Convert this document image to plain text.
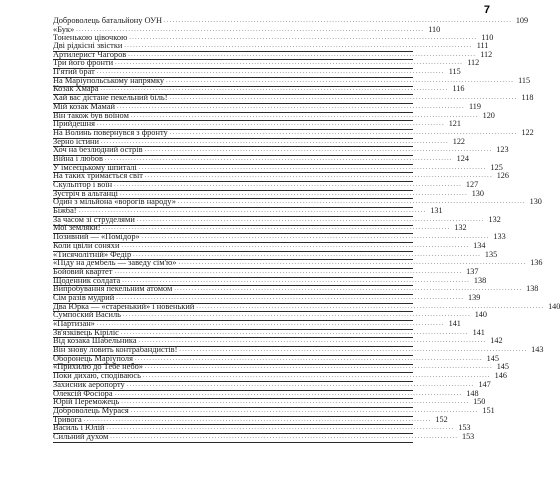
7
Доброволець батальйону ОУН ........................................................................................................................ 109
«Бук» ........................................................................................................................ 110
Тоненькою цівочкою ........................................................................................................................ 110
Дві рідкісні звістки ........................................................................................................................ 111
Артилерист Чагоров ........................................................................................................................ 112
Три його фронти ........................................................................................................................ 112
П'ятий брат ........................................................................................................................ 115
На Маріупольському напрямку ........................................................................................................................ 115
Козак Хмара ........................................................................................................................ 116
Хай вас дістане пекельний біль! ........................................................................................................................ 118
Мій козак Мамай ........................................................................................................................ 119
Він також був воїном ........................................................................................................................ 120
Прийдешня ........................................................................................................................ 121
На Волинь повернувся з фронту ........................................................................................................................ 122
Зерно істини ........................................................................................................................ 122
Хоч на безлюдний острів ........................................................................................................................ 123
Війна і любов ........................................................................................................................ 124
У імсеєцькому шпиталі ........................................................................................................................ 125
На таких тримається світ ........................................................................................................................ 126
Скульптор і воїн ........................................................................................................................ 127
Зустріч в альтанці ........................................................................................................................ 130
Один з мільйона «ворогів народу» ........................................................................................................................ 130
Біжба! ........................................................................................................................ 131
За часом зі струделями ........................................................................................................................ 132
Мої земляки! ........................................................................................................................ 132
Позивний — «Помідор» ........................................................................................................................ 133
Коли цвіли соняхи ........................................................................................................................ 134
«Тисячолітній» Федір ........................................................................................................................ 135
«Піду на дембель — заведу сім'ю» ........................................................................................................................ 136
Бойовий квартет ........................................................................................................................ 137
Щоденник солдата ........................................................................................................................ 138
Випробування пекельним атомом ........................................................................................................................ 138
Сім разів мудрий ........................................................................................................................ 139
Два Юрка — «старенький» і новенький ........................................................................................................................ 140
Сумпоский Василь ........................................................................................................................ 140
«Партизан» ........................................................................................................................ 141
Зв'язківець Кіріліс ........................................................................................................................ 141
Від козака Шабельника ........................................................................................................................ 142
Він знову ловить контрабандистів! ........................................................................................................................ 143
Оборонець Маріуполя ........................................................................................................................ 145
«Прихилю до Тебе небо» ........................................................................................................................ 145
Поки дихаю, сподіваюсь ........................................................................................................................ 146
Захисник аеропорту ........................................................................................................................ 147
Олексій Фосіора ........................................................................................................................ 148
Юрій Переможець ........................................................................................................................ 150
Доброволець Мурася ........................................................................................................................ 151
Тривога ........................................................................................................................ 152
Василь і Юлій ........................................................................................................................ 153
Сильний духом ........................................................................................................................ 153
